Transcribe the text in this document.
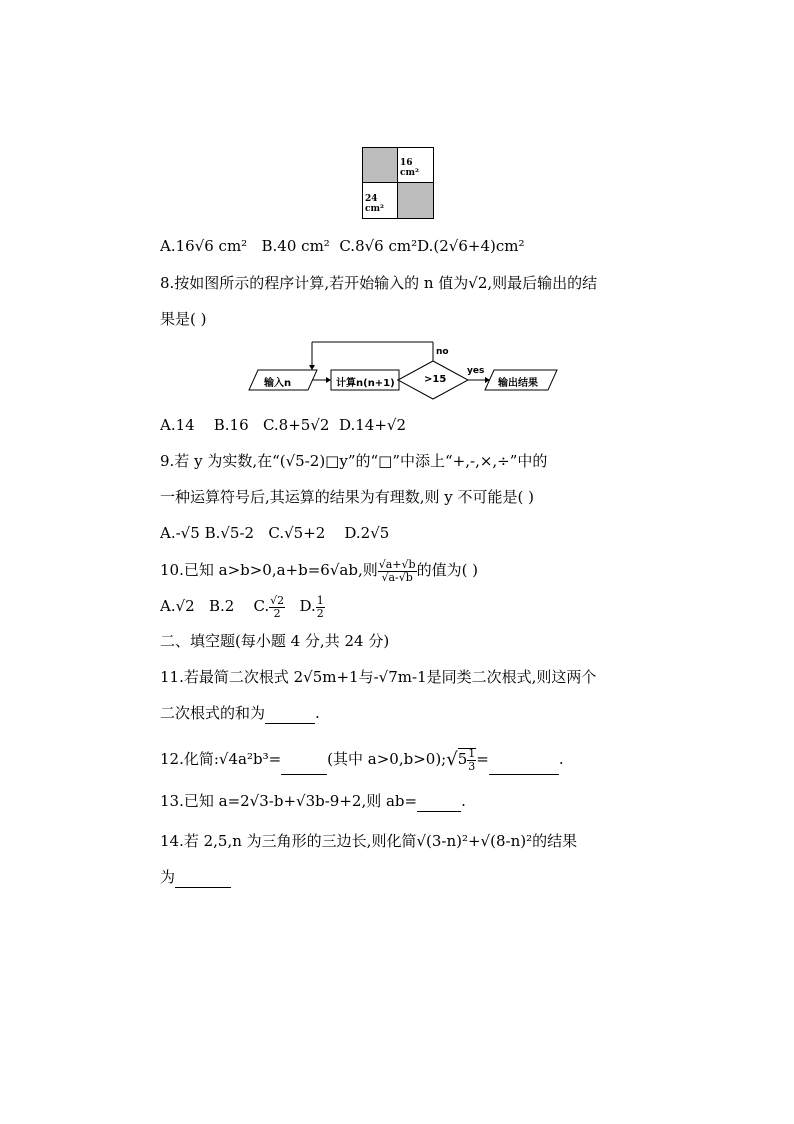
16 cm²
24 cm²
A.16√6 cm² B.40 cm² C.8√6 cm²D.(2√6+4)cm²
8.按如图所示的程序计算,若开始输入的 n 值为√2,则最后输出的结
果是( )
输入n	计算n(n+1)	>15
yes
no
输出结果
A.14 B.16 C.8+5√2 D.14+√2
9.若 y 为实数,在“(√5-2)□y”的“□”中添上“+,-,×,÷”中的
一种运算符号后,其运算的结果为有理数,则 y 不可能是( )
A.-√5 B.√5-2 C.√5+2 D.2√5
10.已知 a>b>0,a+b=6√ab,则 $\frac{√a+√b}{√a-√b}$ 的值为( )
A.√2 B.2 C. $\frac{√2}{2} D$. $\frac{1}{2}$
二、填空题(每小题 4 分,共 24 分)
11.若最简二次根式 2√5m+1与-√7m-1是同类二次根式,则这两个
二次根式的和为	.
12.化简:√4a²b³=	(其中 a>0,b>0);√5 $\frac{1}{3}$ =	.
13.已知 a=2√3-b+√3b-9+2,则 ab=	.
14.若 2,5,n 为三角形的三边长,则化简√(3-n)²+√(8-n)²的结果
为
